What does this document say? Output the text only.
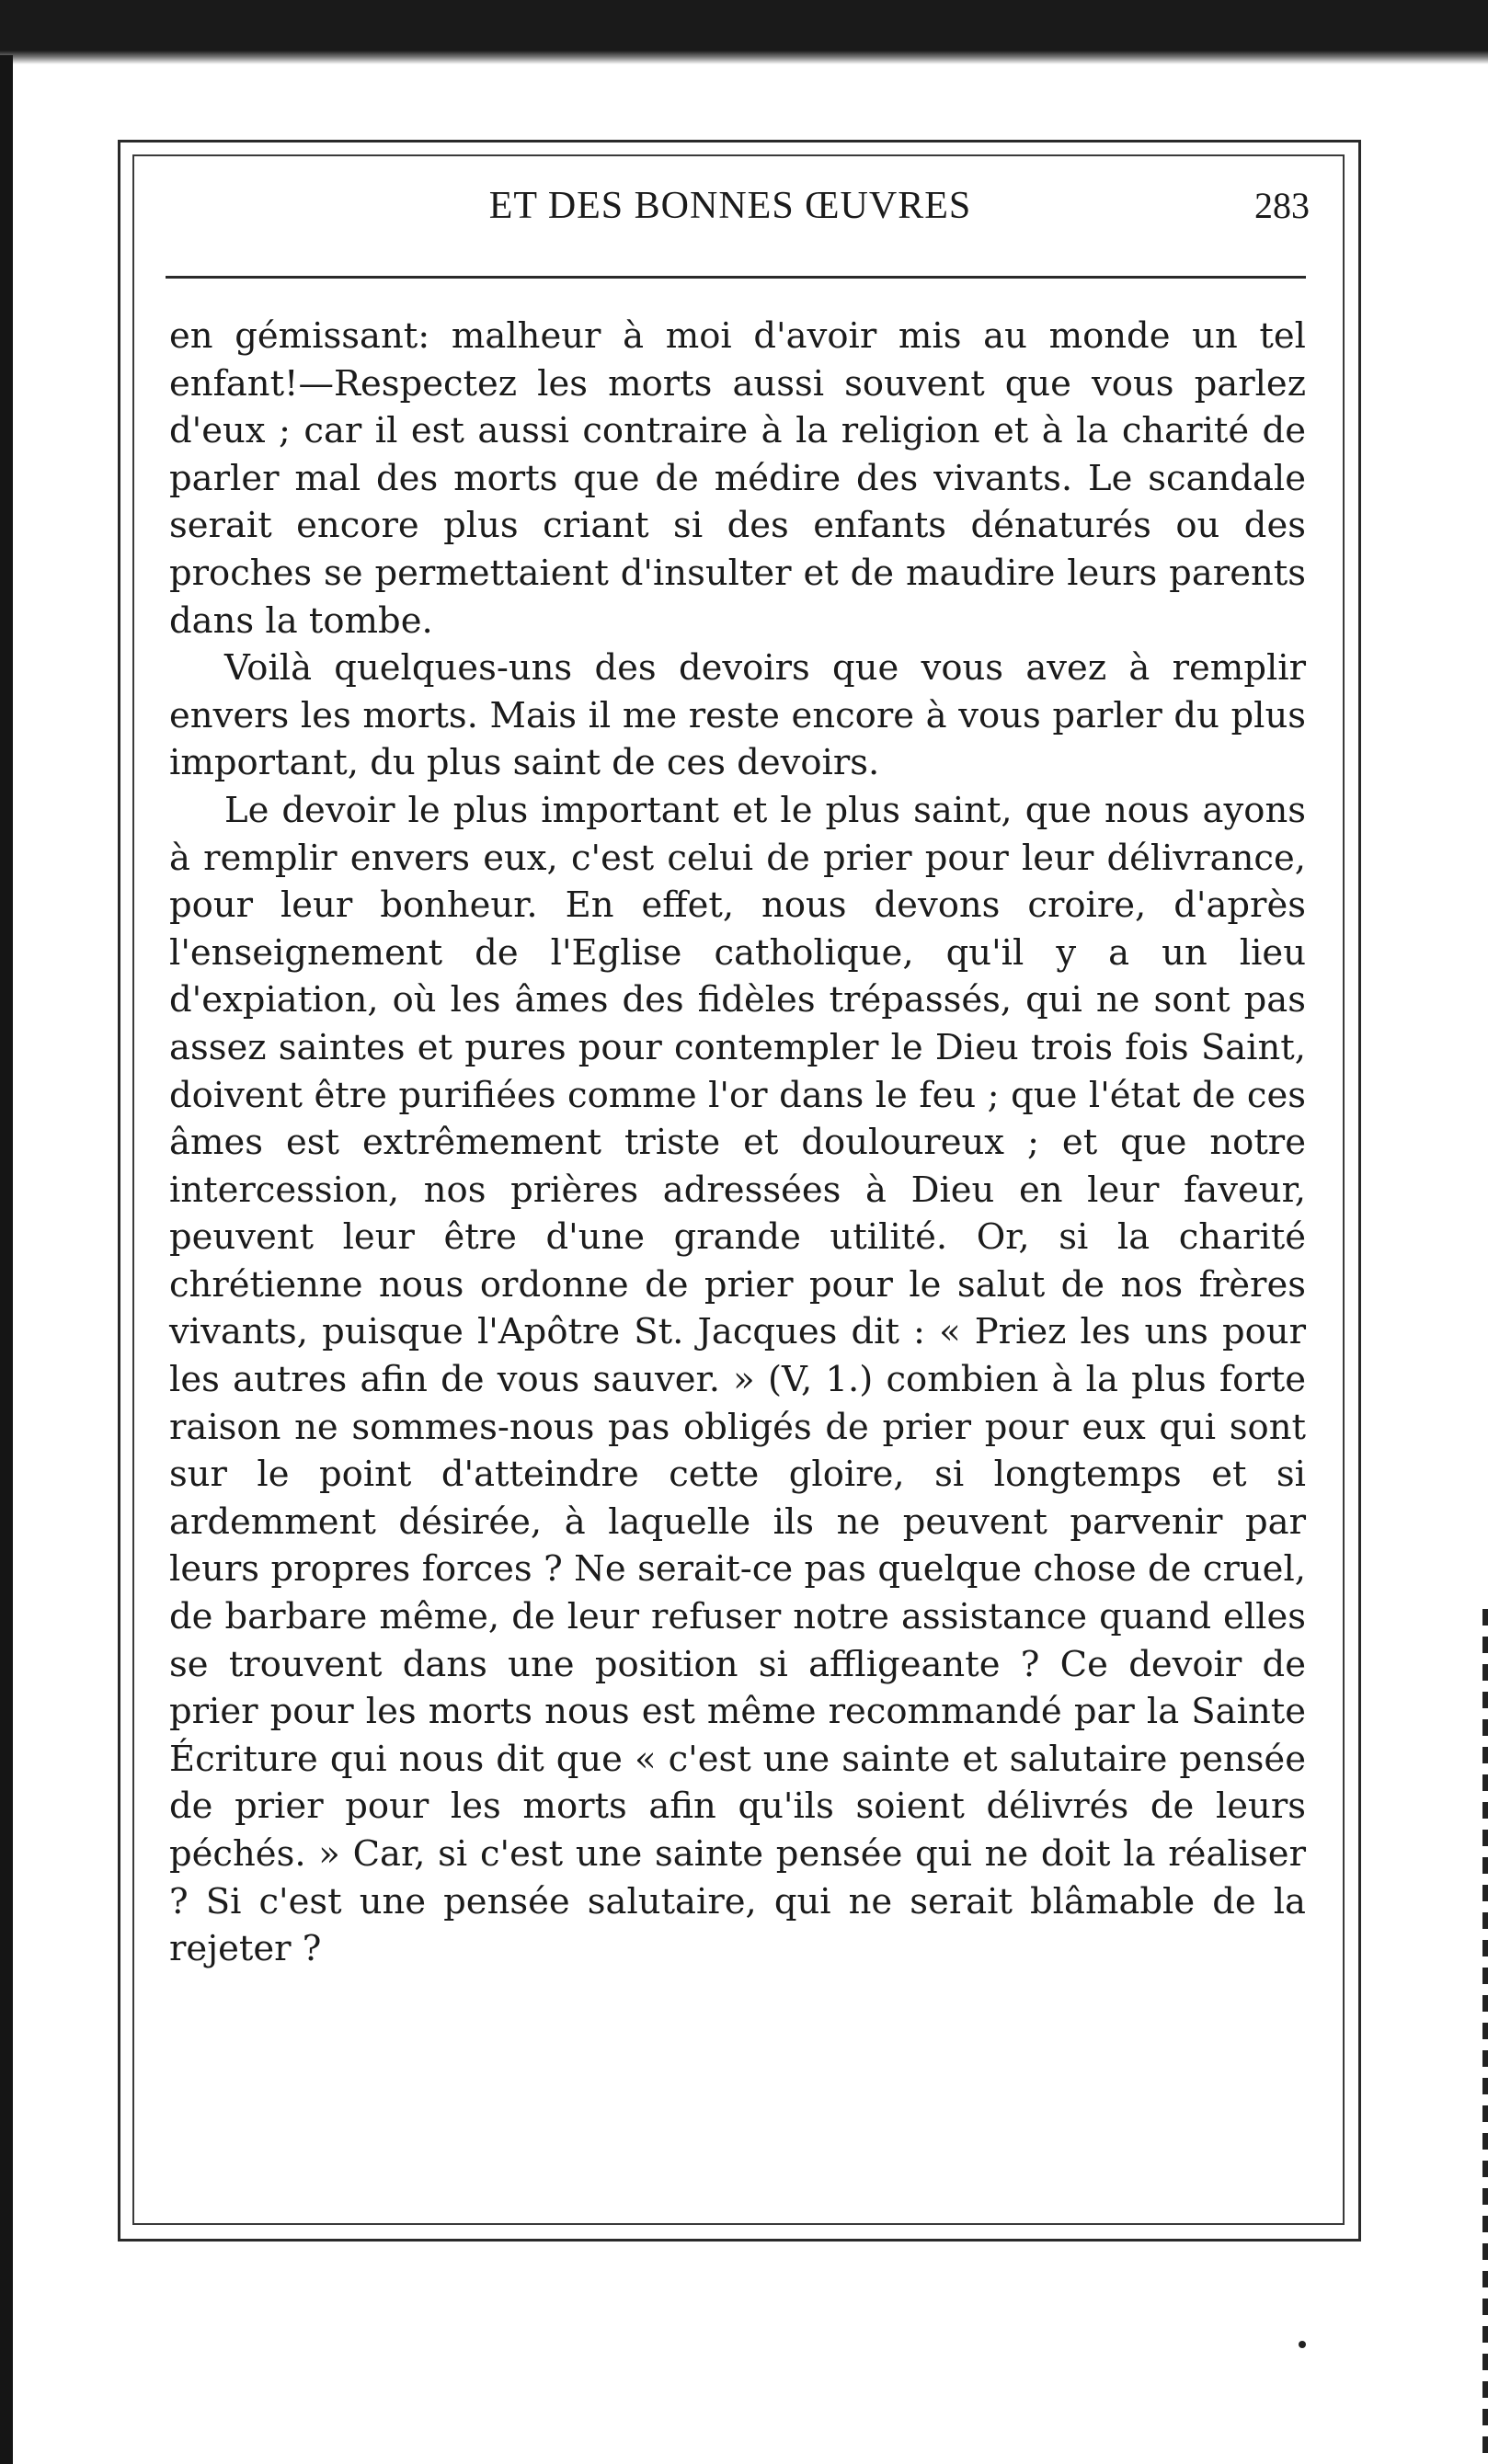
ET DES BONNES ŒUVRES	283

en gémissant: malheur à moi d'avoir mis au monde un tel enfant!—Respectez les morts aussi souvent que vous parlez d'eux ; car il est aussi contraire à la religion et à la charité de parler mal des morts que de médire des vivants. Le scandale serait encore plus criant si des enfants dénaturés ou des proches se permettaient d'insulter et de maudire leurs parents dans la tombe.

Voilà quelques-uns des devoirs que vous avez à remplir envers les morts. Mais il me reste encore à vous parler du plus important, du plus saint de ces devoirs.

Le devoir le plus important et le plus saint, que nous ayons à remplir envers eux, c'est celui de prier pour leur délivrance, pour leur bonheur. En effet, nous devons croire, d'après l'enseignement de l'Eglise catholique, qu'il y a un lieu d'expiation, où les âmes des fidèles trépassés, qui ne sont pas assez saintes et pures pour contempler le Dieu trois fois Saint, doivent être purifiées comme l'or dans le feu ; que l'état de ces âmes est extrêmement triste et douloureux ; et que notre intercession, nos prières adressées à Dieu en leur faveur, peuvent leur être d'une grande utilité. Or, si la charité chrétienne nous ordonne de prier pour le salut de nos frères vivants, puisque l'Apôtre St. Jacques dit : « Priez les uns pour les autres afin de vous sauver. » (V, 1.) combien à la plus forte raison ne sommes-nous pas obligés de prier pour eux qui sont sur le point d'atteindre cette gloire, si longtemps et si ardemment désirée, à laquelle ils ne peuvent parvenir par leurs propres forces ? Ne serait-ce pas quelque chose de cruel, de barbare même, de leur refuser notre assistance quand elles se trouvent dans une position si affligeante ? Ce devoir de prier pour les morts nous est même recommandé par la Sainte Écriture qui nous dit que « c'est une sainte et salutaire pensée de prier pour les morts afin qu'ils soient délivrés de leurs péchés. » Car, si c'est une sainte pensée qui ne doit la réaliser ? Si c'est une pensée salutaire, qui ne serait blâmable de la rejeter ?
